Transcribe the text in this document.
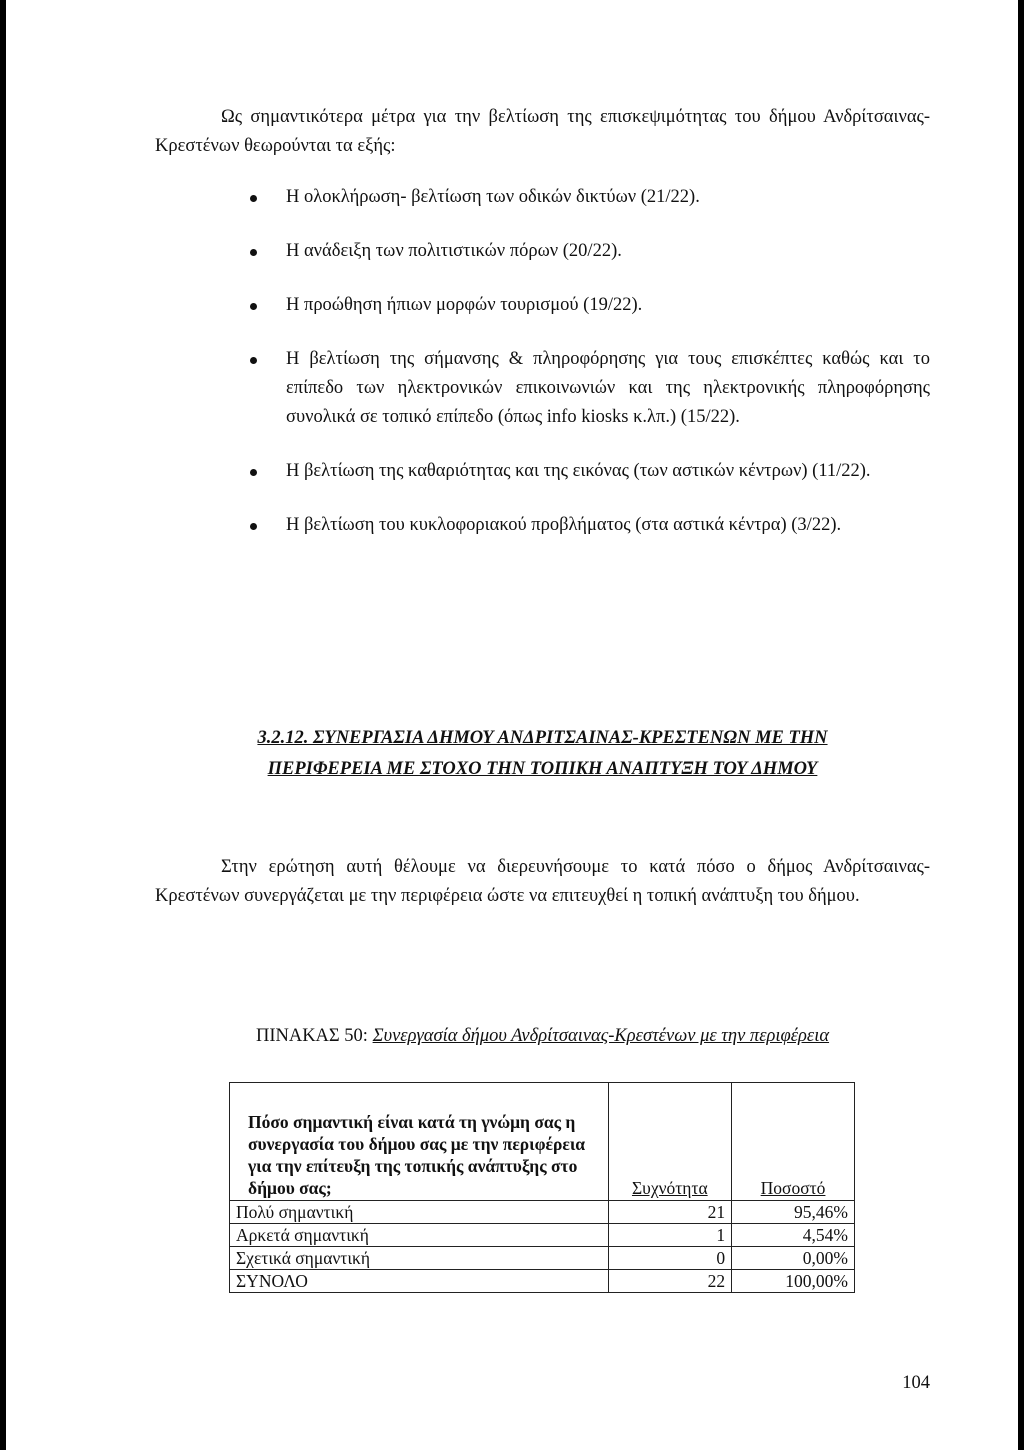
Ως σημαντικότερα μέτρα για την βελτίωση της επισκεψιμότητας του δήμου Ανδρίτσαινας-Κρεστένων θεωρούνται τα εξής:

Η ολοκλήρωση- βελτίωση των οδικών δικτύων (21/22).
Η ανάδειξη των πολιτιστικών πόρων (20/22).
Η προώθηση ήπιων μορφών τουρισμού (19/22).
Η βελτίωση της σήμανσης & πληροφόρησης για τους επισκέπτες καθώς και το επίπεδο των ηλεκτρονικών επικοινωνιών και της ηλεκτρονικής πληροφόρησης συνολικά σε τοπικό επίπεδο (όπως info kiosks κ.λπ.) (15/22).
Η βελτίωση της καθαριότητας και της εικόνας (των αστικών κέντρων) (11/22).
Η βελτίωση του κυκλοφοριακού προβλήματος (στα αστικά κέντρα) (3/22).
3.2.12. ΣΥΝΕΡΓΑΣΙΑ ΔΗΜΟΥ ΑΝΔΡΙΤΣΑΙΝΑΣ-ΚΡΕΣΤΕΝΩΝ ΜΕ ΤΗΝ
ΠΕΡΙΦΕΡΕΙΑ ΜΕ ΣΤΟΧΟ ΤΗΝ ΤΟΠΙΚΗ ΑΝΑΠΤΥΞΗ ΤΟΥ ΔΗΜΟΥ

Στην ερώτηση αυτή θέλουμε να διερευνήσουμε το κατά πόσο ο δήμος Ανδρίτσαινας-Κρεστένων συνεργάζεται με την περιφέρεια ώστε να επιτευχθεί η τοπική ανάπτυξη του δήμου.

ΠΙΝΑΚΑΣ 50: Συνεργασία δήμου Ανδρίτσαινας-Κρεστένων με την περιφέρεια
Πόσο σημαντική είναι κατά τη γνώμη σας η συνεργασία του δήμου σας με την περιφέρεια για την επίτευξη της τοπικής ανάπτυξης στο δήμου σας;	Συχνότητα	Ποσοστό
Πολύ σημαντική	21	95,46%
Αρκετά σημαντική	1	4,54%
Σχετικά σημαντική	0	0,00%
ΣΥΝΟΛΟ	22	100,00%
104
